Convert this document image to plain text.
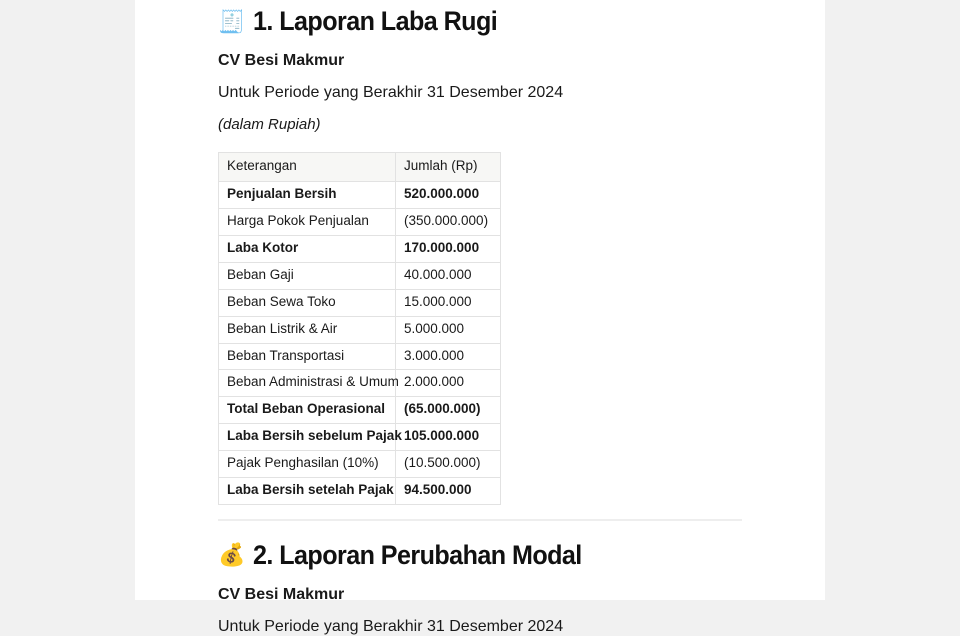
🧾 1. Laporan Laba Rugi

CV Besi Makmur

Untuk Periode yang Berakhir 31 Desember 2024

(dalam Rupiah)

Keterangan	Jumlah (Rp)
Penjualan Bersih	520.000.000
Harga Pokok Penjualan	(350.000.000)
Laba Kotor	170.000.000
Beban Gaji	40.000.000
Beban Sewa Toko	15.000.000
Beban Listrik & Air	5.000.000
Beban Transportasi	3.000.000
Beban Administrasi & Umum	2.000.000
Total Beban Operasional	(65.000.000)
Laba Bersih sebelum Pajak	105.000.000
Pajak Penghasilan (10%)	(10.500.000)
Laba Bersih setelah Pajak	94.500.000
💰 2. Laporan Perubahan Modal

CV Besi Makmur

Untuk Periode yang Berakhir 31 Desember 2024
